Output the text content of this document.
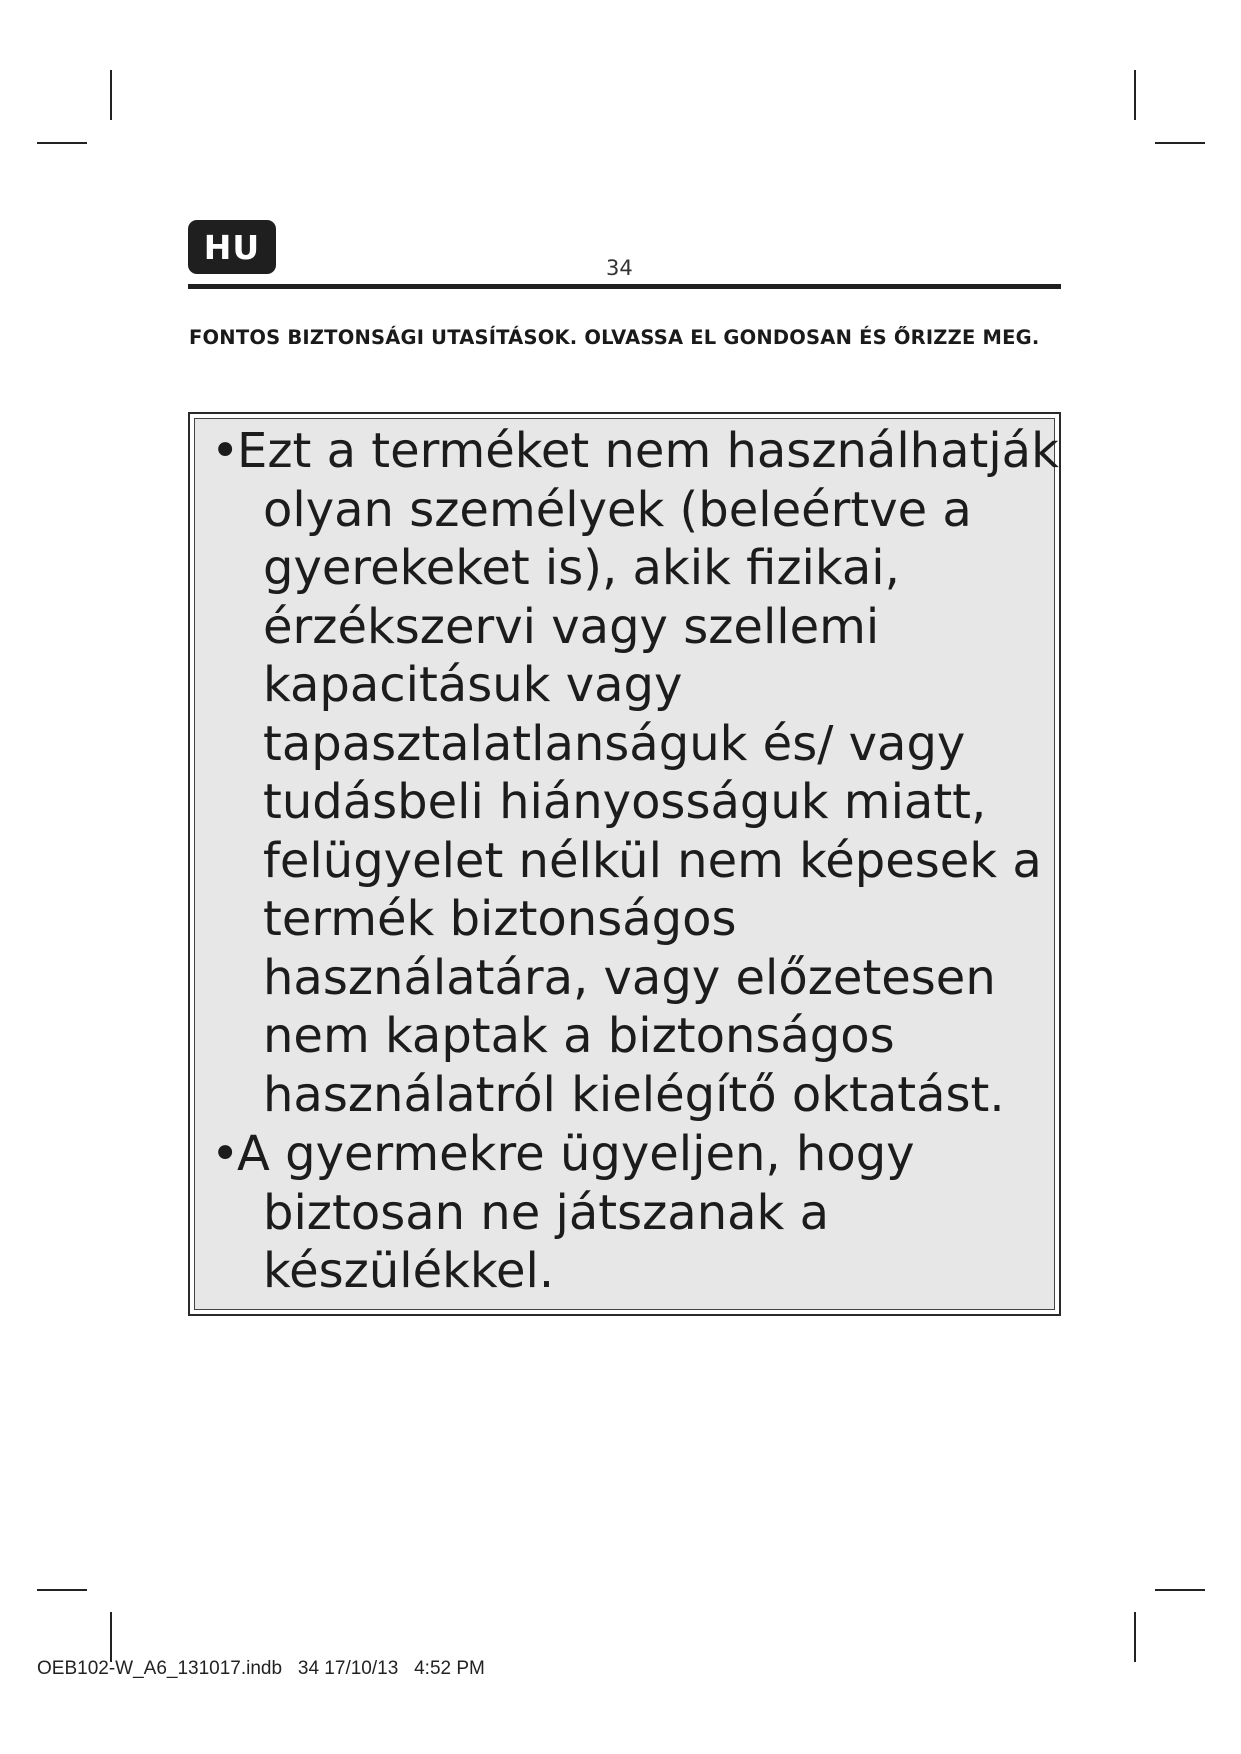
HU
34
FONTOS BIZTONSÁGI UTASÍTÁSOK. OLVASSA EL GONDOSAN ÉS ŐRIZZE MEG.
•
Ezt a terméket nem használhatják olyan személyek (beleértve a gyerekeket is), akik fizikai, érzékszervi vagy szellemi kapacitásuk vagy tapasztalatlanságuk és/ vagy tudásbeli hiányosságuk miatt, felügyelet nélkül nem képesek a termék biztonságos használatára, vagy előzetesen nem kaptak a biztonságos használatról kielégítő oktatást.
•
A gyermekre ügyeljen, hogy biztosan ne játszanak a készülékkel.
OEB102-W_A6_131017.indb   34 17/10/13   4:52 PM
